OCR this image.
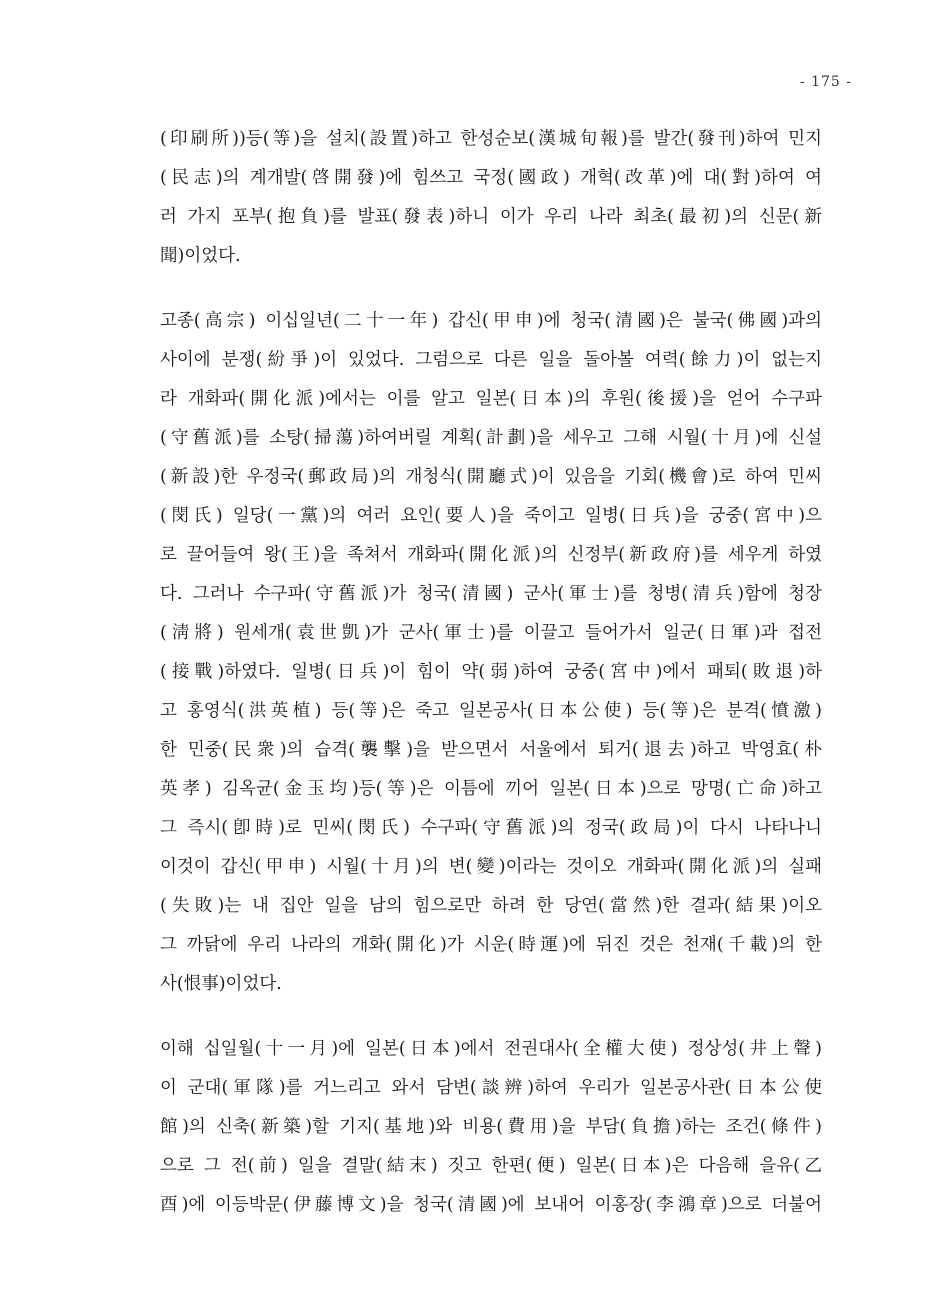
- 175 -
(印刷所))등(等)을 설치(設置)하고 한성순보(漢城旬報)를 발간(發刊)하여 민지
(民志)의 계개발(啓開發)에 힘쓰고 국정(國政) 개혁(改革)에 대(對)하여 여
러 가지 포부(抱負)를 발표(發表)하니 이가 우리 나라 최초(最初)의 신문(新
聞)이었다.
고종(高宗) 이십일년(二十一年) 갑신(甲申)에 청국(清國)은 불국(佛國)과의
사이에 분쟁(紛爭)이 있었다. 그럼으로 다른 일을 돌아볼 여력(餘力)이 없는지
라 개화파(開化派)에서는 이를 알고 일본(日本)의 후원(後援)을 얻어 수구파
(守舊派)를 소탕(掃蕩)하여버릴 계획(計劃)을 세우고 그해 시월(十月)에 신설
(新設)한 우정국(郵政局)의 개청식(開廳式)이 있음을 기회(機會)로 하여 민씨
(閔氏) 일당(一黨)의 여러 요인(要人)을 죽이고 일병(日兵)을 궁중(宮中)으
로 끌어들여 왕(王)을 족쳐서 개화파(開化派)의 신정부(新政府)를 세우게 하였
다. 그러나 수구파(守舊派)가 청국(清國) 군사(軍士)를 청병(清兵)함에 청장
(淸將) 원세개(袁世凱)가 군사(軍士)를 이끌고 들어가서 일군(日軍)과 접전
(接戰)하였다. 일병(日兵)이 힘이 약(弱)하여 궁중(宮中)에서 패퇴(敗退)하
고 홍영식(洪英植) 등(等)은 죽고 일본공사(日本公使) 등(等)은 분격(憤激)
한 민중(民衆)의 습격(襲擊)을 받으면서 서울에서 퇴거(退去)하고 박영효(朴
英孝) 김옥균(金玉均)등(等)은 이틈에 끼어 일본(日本)으로 망명(亡命)하고
그 즉시(卽時)로 민씨(閔氏) 수구파(守舊派)의 정국(政局)이 다시 나타나니
이것이 갑신(甲申) 시월(十月)의 변(變)이라는 것이오 개화파(開化派)의 실패
(失敗)는 내 집안 일을 남의 힘으로만 하려 한 당연(當然)한 결과(結果)이오
그 까닭에 우리 나라의 개화(開化)가 시운(時運)에 뒤진 것은 천재(千載)의 한
사(恨事)이었다.
이해 십일월(十一月)에 일본(日本)에서 전권대사(全權大使) 정상성(井上聲)
이 군대(軍隊)를 거느리고 와서 담변(談辨)하여 우리가 일본공사관(日本公使
館)의 신축(新築)할 기지(基地)와 비용(費用)을 부담(負擔)하는 조건(條件)
으로 그 전(前) 일을 결말(結末) 짓고 한편(便) 일본(日本)은 다음해 을유(乙
酉)에 이등박문(伊藤博文)을 청국(清國)에 보내어 이홍장(李鴻章)으로 더불어
